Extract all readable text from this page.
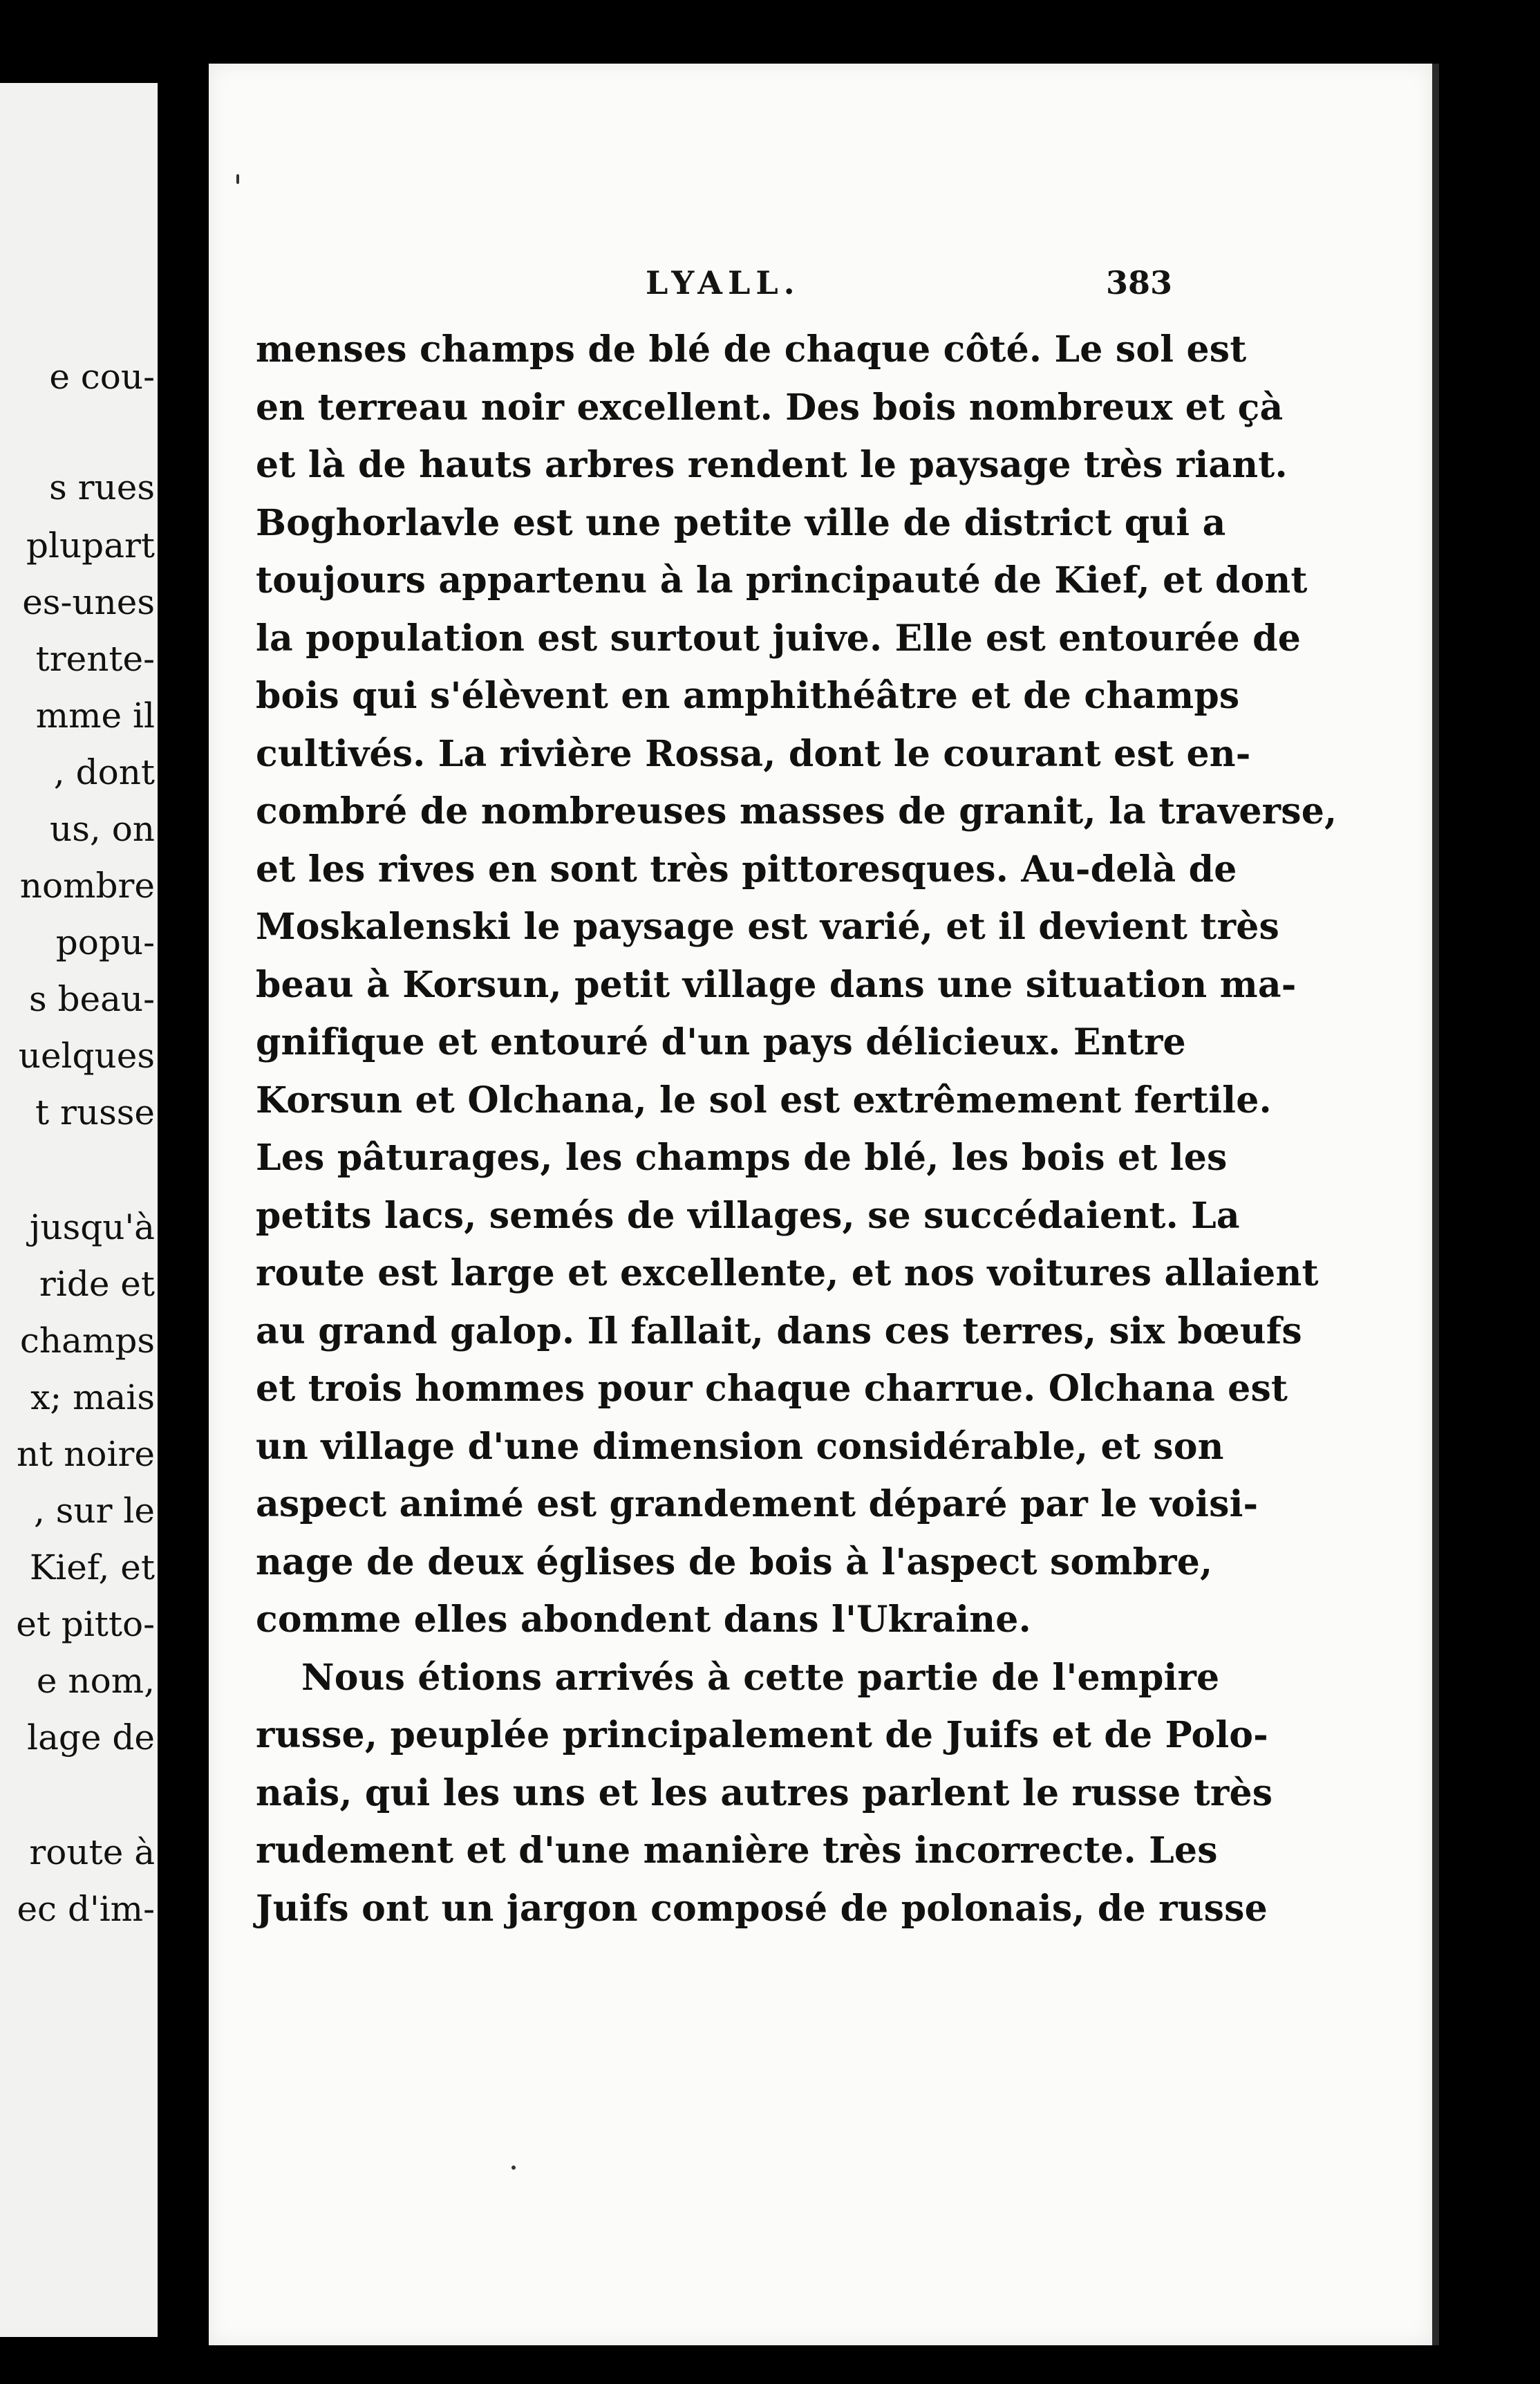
e cou-
s rues
plupart
es-unes
trente-
mme il
, dont
us, on
nombre
popu-
s beau-
uelques
t russe
jusqu'à
ride et
champs
x; mais
nt noire
, sur le
Kief, et
et pitto-
e nom,
lage de
route à
ec d'im-
LYALL.	383
menses champs de blé de chaque côté. Le sol est
en terreau noir excellent. Des bois nombreux et çà
et là de hauts arbres rendent le paysage très riant.
Boghorlavle est une petite ville de district qui a
toujours appartenu à la principauté de Kief, et dont
la population est surtout juive. Elle est entourée de
bois qui s'élèvent en amphithéâtre et de champs
cultivés. La rivière Rossa, dont le courant est en-
combré de nombreuses masses de granit, la traverse,
et les rives en sont très pittoresques. Au-delà de
Moskalenski le paysage est varié, et il devient très
beau à Korsun, petit village dans une situation ma-
gnifique et entouré d'un pays délicieux. Entre
Korsun et Olchana, le sol est extrêmement fertile.
Les pâturages, les champs de blé, les bois et les
petits lacs, semés de villages, se succédaient. La
route est large et excellente, et nos voitures allaient
au grand galop. Il fallait, dans ces terres, six bœufs
et trois hommes pour chaque charrue. Olchana est
un village d'une dimension considérable, et son
aspect animé est grandement déparé par le voisi-
nage de deux églises de bois à l'aspect sombre,
comme elles abondent dans l'Ukraine.
Nous étions arrivés à cette partie de l'empire
russe, peuplée principalement de Juifs et de Polo-
nais, qui les uns et les autres parlent le russe très
rudement et d'une manière très incorrecte. Les
Juifs ont un jargon composé de polonais, de russe
